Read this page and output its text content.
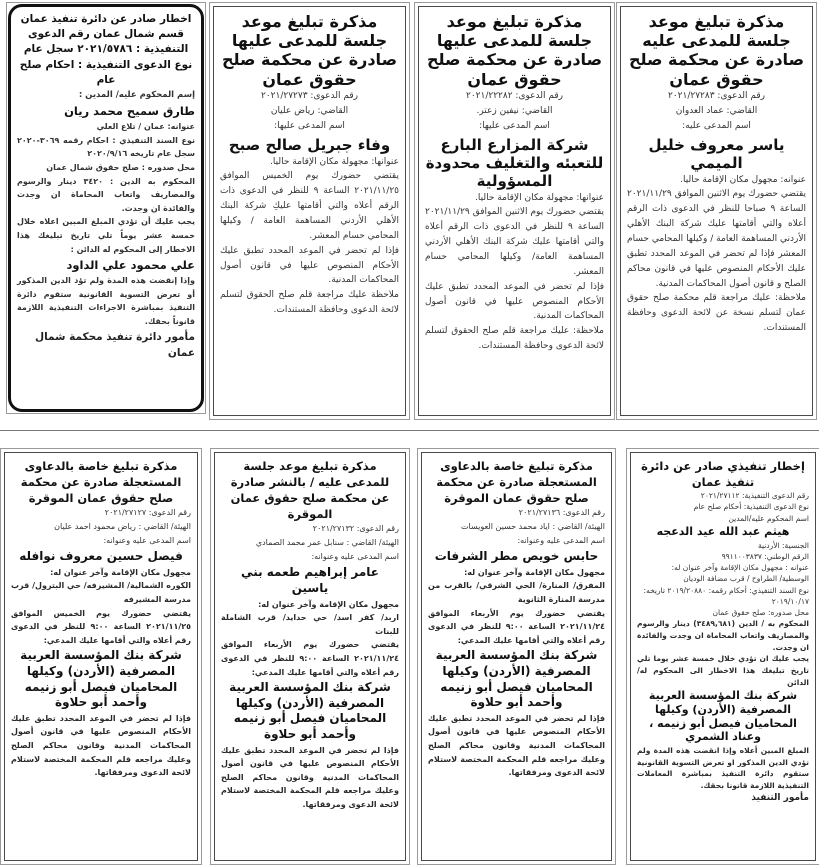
مذكرة تبليغ موعد جلسة للمدعى عليه صادرة عن محكمة صلح حقوق عمان

رقم الدعوى: ٢٠٢١/٢٧٢٨٣

القاضي: عماد العدوان

اسم المدعى عليه:

ياسر معروف خليل الميمي

عنوانه: مجهول مكان الإقامة حاليا.

يقتضي حضورك يوم الاثنين الموافق ٢٠٢١/١١/٢٩ الساعة ٩ صباحا للنظر في الدعوى ذات الرقم أعلاه والتي أقامتها عليك شركة البنك الأهلي الأردني المساهمة العامة / وكيلها المحامي حسام المعشر فإذا لم تحضر في الموعد المحدد تطبق عليك الأحكام المنصوص عليها في قانون محاكم الصلح و قانون أصول المحاكمات المدنية.

ملاحظة: عليك مراجعة قلم محكمة صلح حقوق عمان لتسلم نسخة عن لائحة الدعوى وحافظة المستندات.

مذكرة تبليغ موعد جلسة للمدعى عليها صادرة عن محكمة صلح حقوق عمان

رقم الدعوى: ٢٠٢١/٢٢٢٨٢

القاضي: نيفين زعتر.

اسم المدعى عليها:

شركة المزارع البارع للتعبئه والتغليف محدودة المسؤولية

عنوانها: مجهولة مكان الإقامة حاليا.

يقتضي حضورك يوم الاثنين الموافق ٢٠٢١/١١/٢٩ الساعة ٩ للنظر في الدعوى ذات الرقم أعلاه والتي أقامتها عليك شركة البنك الأهلي الأردني المساهمة العامة/ وكيلها المحامي حسام المعشر.

فإذا لم تحضر في الموعد المحدد تطبق عليك الأحكام المنصوص عليها في قانون أصول المحاكمات المدنية.

ملاحظة: عليك مراجعة قلم صلح الحقوق لتسلم لائحة الدعوى وحافظة المستندات.

مذكرة تبليغ موعد جلسة للمدعى عليها صادرة عن محكمة صلح حقوق عمان

رقم الدعوى: ٢٠٢١/٢٧٢٧٣

القاضي: رياض عليان

اسم المدعى عليها:

وفاء جبريل صالح صبح

عنوانها: مجهولة مكان الإقامة حاليا.

يقتضي حضورك يوم الخميس الموافق ٢٠٢١/١١/٢٥ الساعة ٩ للنظر في الدعوى ذات الرقم أعلاه والتي أقامتها عليكِ شركة البنك الأهلي الأردني المساهمة العامة / وكيلها المحامي حسام المعشر.

فإذا لم تحضر في الموعد المحدد تطبق عليك الأحكام المنصوص عليها في قانون أصول المحاكمات المدنية.

ملاحظة عليك مراجعة قلم صلح الحقوق لتسلم لائحة الدعوى وحافظة المستندات.

اخطار صادر عن دائرة تنفيذ عمان قسم شمال عمان رقم الدعوى التنفيذية : ٢٠٢١/٥٧٨٦ سجل عام نوع الدعوى التنفيذية : احكام صلح عام

إسم المحكوم عليه/ المدين :

طارق سميح محمد ريان

عنوانه: عمان / تلاع العلي

نوع السند التنفيذي : احكام رقمه ٣٠٦٩-٢٠٢٠ سجل عام تاريخه ٢٠٢٠/٩/١٦

محل صدوره : صلح حقوق شمال عمان

المحكوم به الدين : ٣٤٢٠ دينار والرسوم والمصاريف واتعاب المحاماة ان وجدت والفائدة ان وجدت.

يجب عليك أن تؤدي المبلغ المبين اعلاه خلال خمسة عشر يوماً تلي تاريخ تبليغك هذا الاخطار إلى المحكوم له الدائن :

علي محمود علي الداود

وإذا إنقضت هذه المدة ولم تؤد الدين المذكور أو تعرض التسوية القانونية ستقوم دائرة التنفيذ بمباشرة الاجراءات التنفيذية اللازمة قانوناً بحقك.

مأمور دائرة تنفيذ محكمة شمال عمان

إخطار تنفيذي صادر عن دائرة تنفيذ عمان

رقم الدعوى التنفيذية: ٢٠٢١/٢٧١١٢

نوع الدعوى التنفيذية: أحكام صلح عام

اسم المحكوم عليه/المدين

هيثم عبد الله عيد الدعجه

الجنسية: الأردنية

الرقم الوطني: ٩٩١١٠٠٣٨٣٧

عنوانه : مجهول مكان الإقامة وآخر عنوان له:

الوسطية/ الطراوح / قرب مضافة الوديان

نوع السند التنفيذي: أحكام رقمه: ٢٠١٩/٢٠٨٨٠ تاريخه: ٢٠١٩/١٠/١٧

محل صدوره: صلح حقوق عمان

المحكوم به / الدين (٣٤٨٩,٦٨١) دينار والرسوم والمصاريف واتعاب المحاماة ان وجدت والفائدة ان وجدت.

يجب عليك ان تؤدي خلال خمسة عشر يوما تلي تاريخ تبليغك هذا الاخطار الى المحكوم له/الدائن

شركة بنك المؤسسة العربية المصرفية (الأردن) وكيلها المحاميان فيصل أبو زنيمه ، وعناد الشمري

المبلغ المبين أعلاه وإذا انقضت هذه المدة ولم تؤدي الدين المذكور او تعرض التسوية القانونية ستقوم دائرة التنفيذ بمباشرة المعاملات التنفيذية اللازمة قانونا بحقك.

مأمور التنفيذ

مذكرة تبليغ خاصة بالدعاوى المستعجلة صادرة عن محكمة صلح حقوق عمان الموقرة

رقم الدعوى: ٢٠٢١/٢٧١٣٦

الهيئة/ القاضي : اياد محمد حسين العويسات

اسم المدعى عليه وعنوانه:

حابس خويص مطر الشرفات

مجهول مكان الإقامة وآخر عنوان له:

المفرق/ المنارة/ الحي الشرقي/ بالقرب من مدرسة المنارة الثانوية

يقتضي حضورك يوم الأربعاء الموافق ٢٠٢١/١١/٢٤ الساعة ٩:٠٠ للنظر في الدعوى رقم أعلاه والتي أقامها عليك المدعي:

شركة بنك المؤسسة العربية المصرفية (الأردن) وكيلها المحاميان فيصل أبو زنيمه وأحمد أبو حلاوة

فإذا لم تحضر في الموعد المحدد تطبق عليك الأحكام المنصوص عليها في قانون أصول المحاكمات المدنية وقانون محاكم الصلح وعليك مراجعه قلم المحكمة المختصة لاستلام لائحة الدعوى ومرفقاتها.

مذكرة تبليغ موعد جلسة للمدعى عليه / بالنشر صادرة عن محكمة صلح حقوق عمان الموقرة

رقم الدعوى: ٢٠٢١/٢٧١٣٢

الهيئة/ القاضي : سنابل عمر محمد الصمادي

اسم المدعى عليه وعنوانه:

عامر إبراهيم طعمه بني ياسين

مجهول مكان الإقامة وآخر عنوان له:

اربد/ كفر اسد/ حي حدايد/ قرب الشاملة للبنات

يقتضي حضورك يوم الأربعاء الموافق ٢٠٢١/١١/٢٤ الساعة ٩:٠٠ للنظر في الدعوى رقم أعلاه والتي أقامها عليك المدعي:

شركة بنك المؤسسة العربية المصرفية (الأردن) وكيلها المحاميان فيصل أبو زنيمه وأحمد أبو حلاوة

فإذا لم تحضر في الموعد المحدد تطبق عليك الأحكام المنصوص عليها في قانون أصول المحاكمات المدنية وقانون محاكم الصلح وعليك مراجعه قلم المحكمة المختصة لاستلام لائحة الدعوى ومرفقاتها.

مذكرة تبليغ خاصة بالدعاوى المستعجلة صادرة عن محكمة صلح حقوق عمان الموقرة

رقم الدعوى: ٢٠٢١/٢٧١٢٧

الهيئة/ القاضي : رياض محمود احمد عليان

اسم المدعى عليه وعنوانه:

فيصل حسين معروف نوافله

مجهول مكان الإقامة وآخر عنوان له:

الكوره الشمالية/ المشيرفه/ حي البترول/ قرب مدرسة المشيرفه

يقتضي حضورك يوم الخميس الموافق ٢٠٢١/١١/٢٥ الساعة ٩:٠٠ للنظر في الدعوى رقم أعلاه والتي أقامها عليك المدعي:

شركة بنك المؤسسة العربية المصرفية (الأردن) وكيلها المحاميان فيصل أبو زنيمه وأحمد أبو حلاوة

فإذا لم تحضر في الموعد المحدد تطبق عليك الأحكام المنصوص عليها في قانون أصول المحاكمات المدنية وقانون محاكم الصلح وعليك مراجعه قلم المحكمة المختصة لاستلام لائحة الدعوى ومرفقاتها.
